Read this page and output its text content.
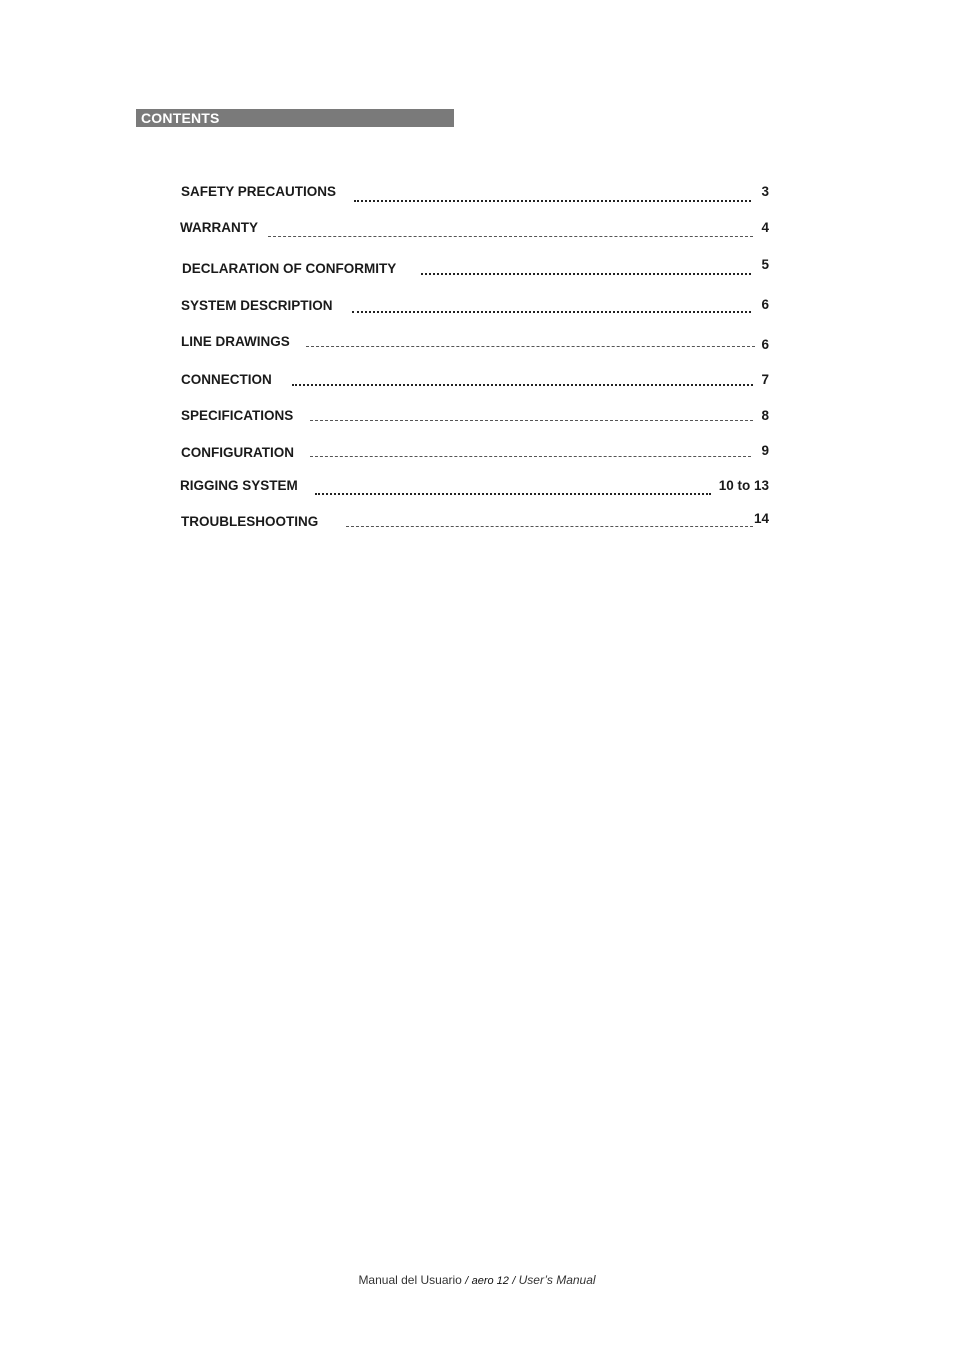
CONTENTS
SAFETY PRECAUTIONS	3
WARRANTY	4
DECLARATION OF CONFORMITY	5
SYSTEM DESCRIPTION	6
LINE DRAWINGS	6
CONNECTION	7
SPECIFICATIONS	8
CONFIGURATION	9
RIGGING SYSTEM	10 to 13
TROUBLESHOOTING	14
Manual del Usuario / aero 12 / User’s Manual
